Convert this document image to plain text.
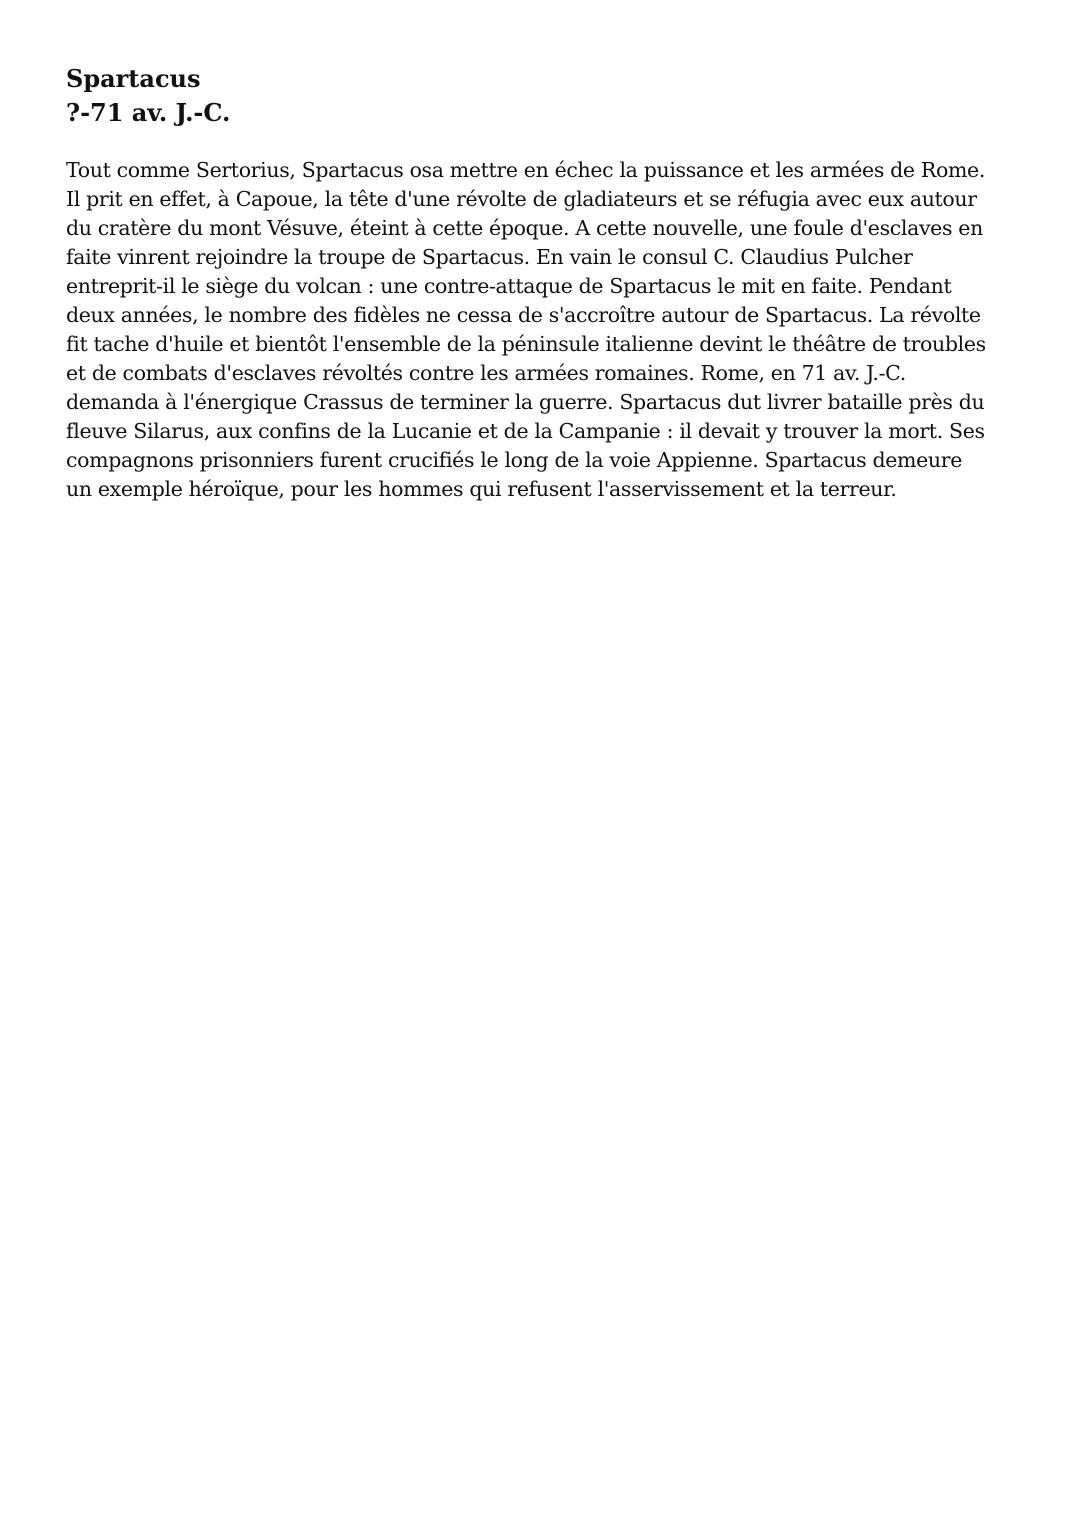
Spartacus
?-71 av. J.-C.
Tout comme Sertorius, Spartacus osa mettre en échec la puissance et les armées de Rome.
Il prit en effet, à Capoue, la tête d'une révolte de gladiateurs et se réfugia avec eux autour
du cratère du mont Vésuve, éteint à cette époque. A cette nouvelle, une foule d'esclaves en
faite vinrent rejoindre la troupe de Spartacus. En vain le consul C. Claudius Pulcher
entreprit-il le siège du volcan : une contre-attaque de Spartacus le mit en faite. Pendant
deux années, le nombre des fidèles ne cessa de s'accroître autour de Spartacus. La révolte
fit tache d'huile et bientôt l'ensemble de la péninsule italienne devint le théâtre de troubles
et de combats d'esclaves révoltés contre les armées romaines. Rome, en 71 av. J.-C.
demanda à l'énergique Crassus de terminer la guerre. Spartacus dut livrer bataille près du
fleuve Silarus, aux confins de la Lucanie et de la Campanie : il devait y trouver la mort. Ses
compagnons prisonniers furent crucifiés le long de la voie Appienne. Spartacus demeure
un exemple héroïque, pour les hommes qui refusent l'asservissement et la terreur.
